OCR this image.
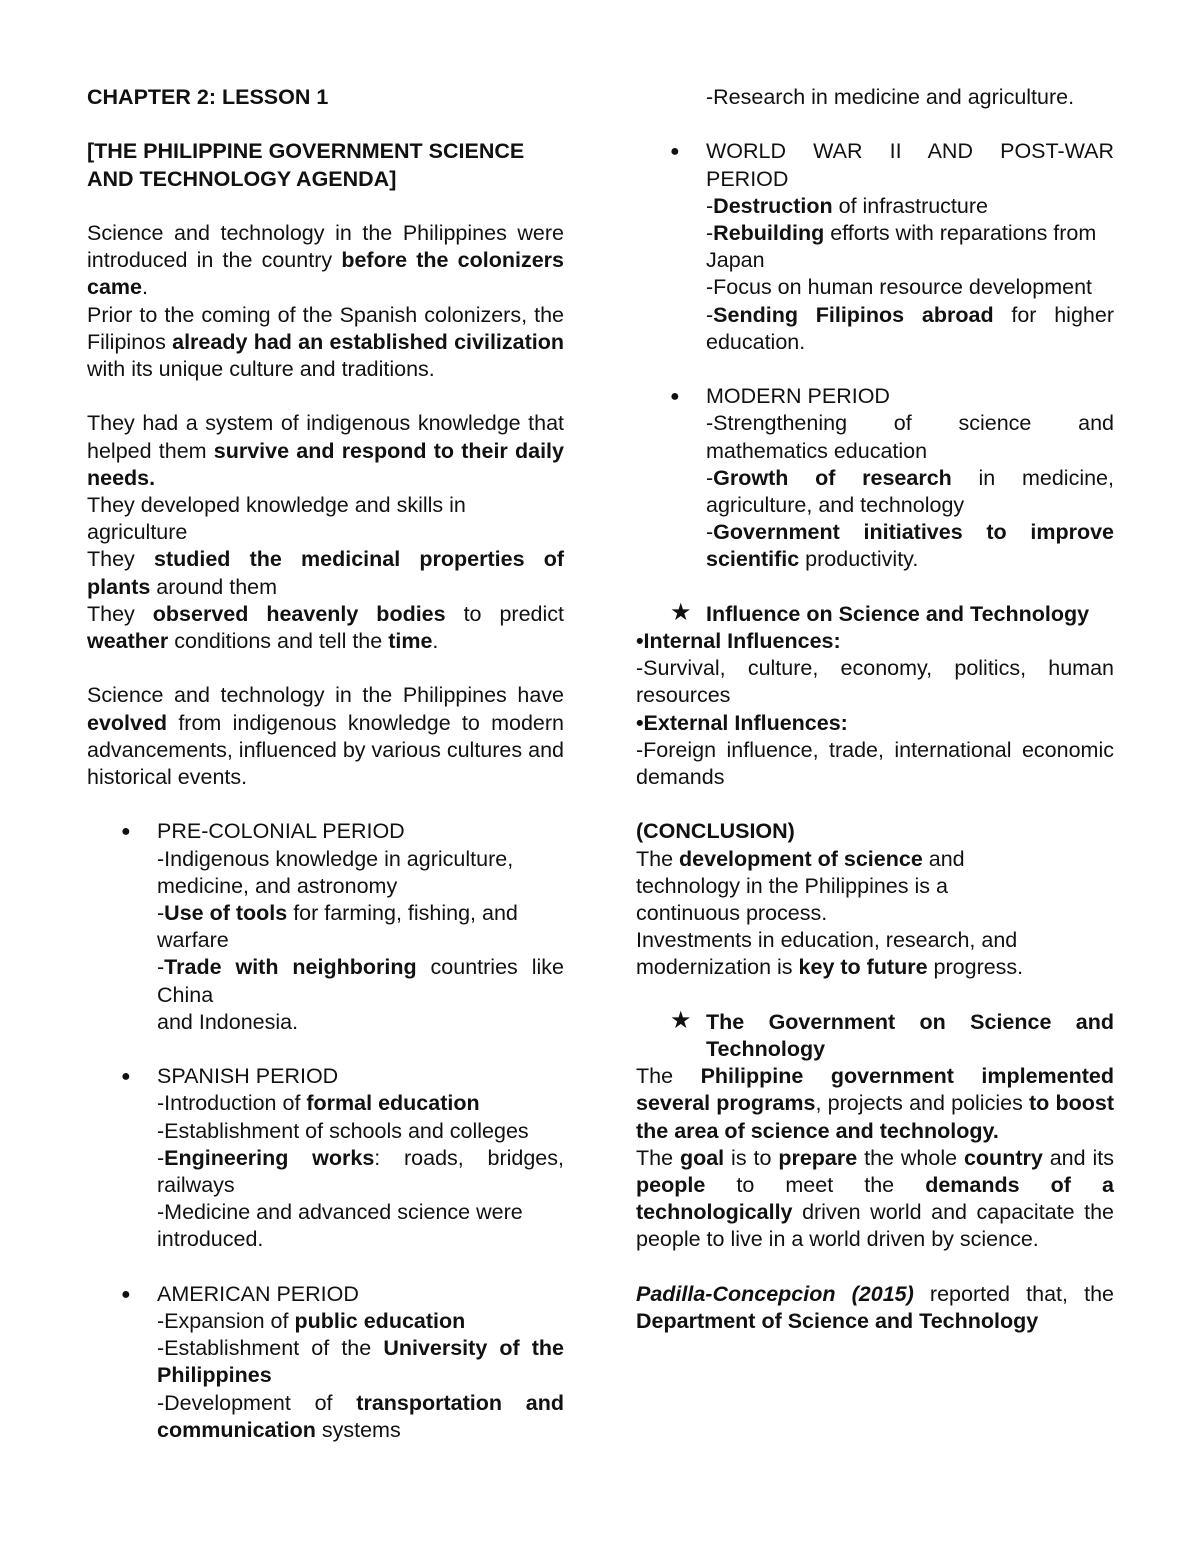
CHAPTER 2: LESSON 1

[THE PHILIPPINE GOVERNMENT SCIENCE AND TECHNOLOGY AGENDA]

Science and technology in the Philippines were introduced in the country before the colonizers came.

Prior to the coming of the Spanish colonizers, the Filipinos already had an established civilization with its unique culture and traditions.

They had a system of indigenous knowledge that helped them survive and respond to their daily needs.

They developed knowledge and skills in agriculture

They studied the medicinal properties of plants around them

They observed heavenly bodies to predict weather conditions and tell the time.

Science and technology in the Philippines have evolved from indigenous knowledge to modern advancements, influenced by various cultures and historical events.

● PRE-COLONIAL PERIOD

-Indigenous knowledge in agriculture, medicine, and astronomy

-Use of tools for farming, fishing, and warfare

-Trade with neighboring countries like China

and Indonesia.

● SPANISH PERIOD

-Introduction of formal education

-Establishment of schools and colleges

-Engineering works: roads, bridges, railways

-Medicine and advanced science were introduced.

● AMERICAN PERIOD

-Expansion of public education

-Establishment of the University of the Philippines

-Development of transportation and communication systems

-Research in medicine and agriculture.

● WORLD WAR II AND POST-WAR PERIOD

-Destruction of infrastructure

-Rebuilding efforts with reparations from

Japan

-Focus on human resource development

-Sending Filipinos abroad for higher education.

● MODERN PERIOD

-Strengthening of science and mathematics education

-Growth of research in medicine, agriculture, and technology

-Government initiatives to improve scientific productivity.

★ Influence on Science and Technology

•Internal Influences:

-Survival, culture, economy, politics, human resources

•External Influences:

-Foreign influence, trade, international economic demands

(CONCLUSION)

The development of science and

technology in the Philippines is a

continuous process.

Investments in education, research, and

modernization is key to future progress.

★ The Government on Science and Technology

The Philippine government implemented several programs, projects and policies to boost the area of science and technology.

The goal is to prepare the whole country and its people to meet the demands of a technologically driven world and capacitate the people to live in a world driven by science.

Padilla-Concepcion (2015) reported that, the Department of Science and Technology
